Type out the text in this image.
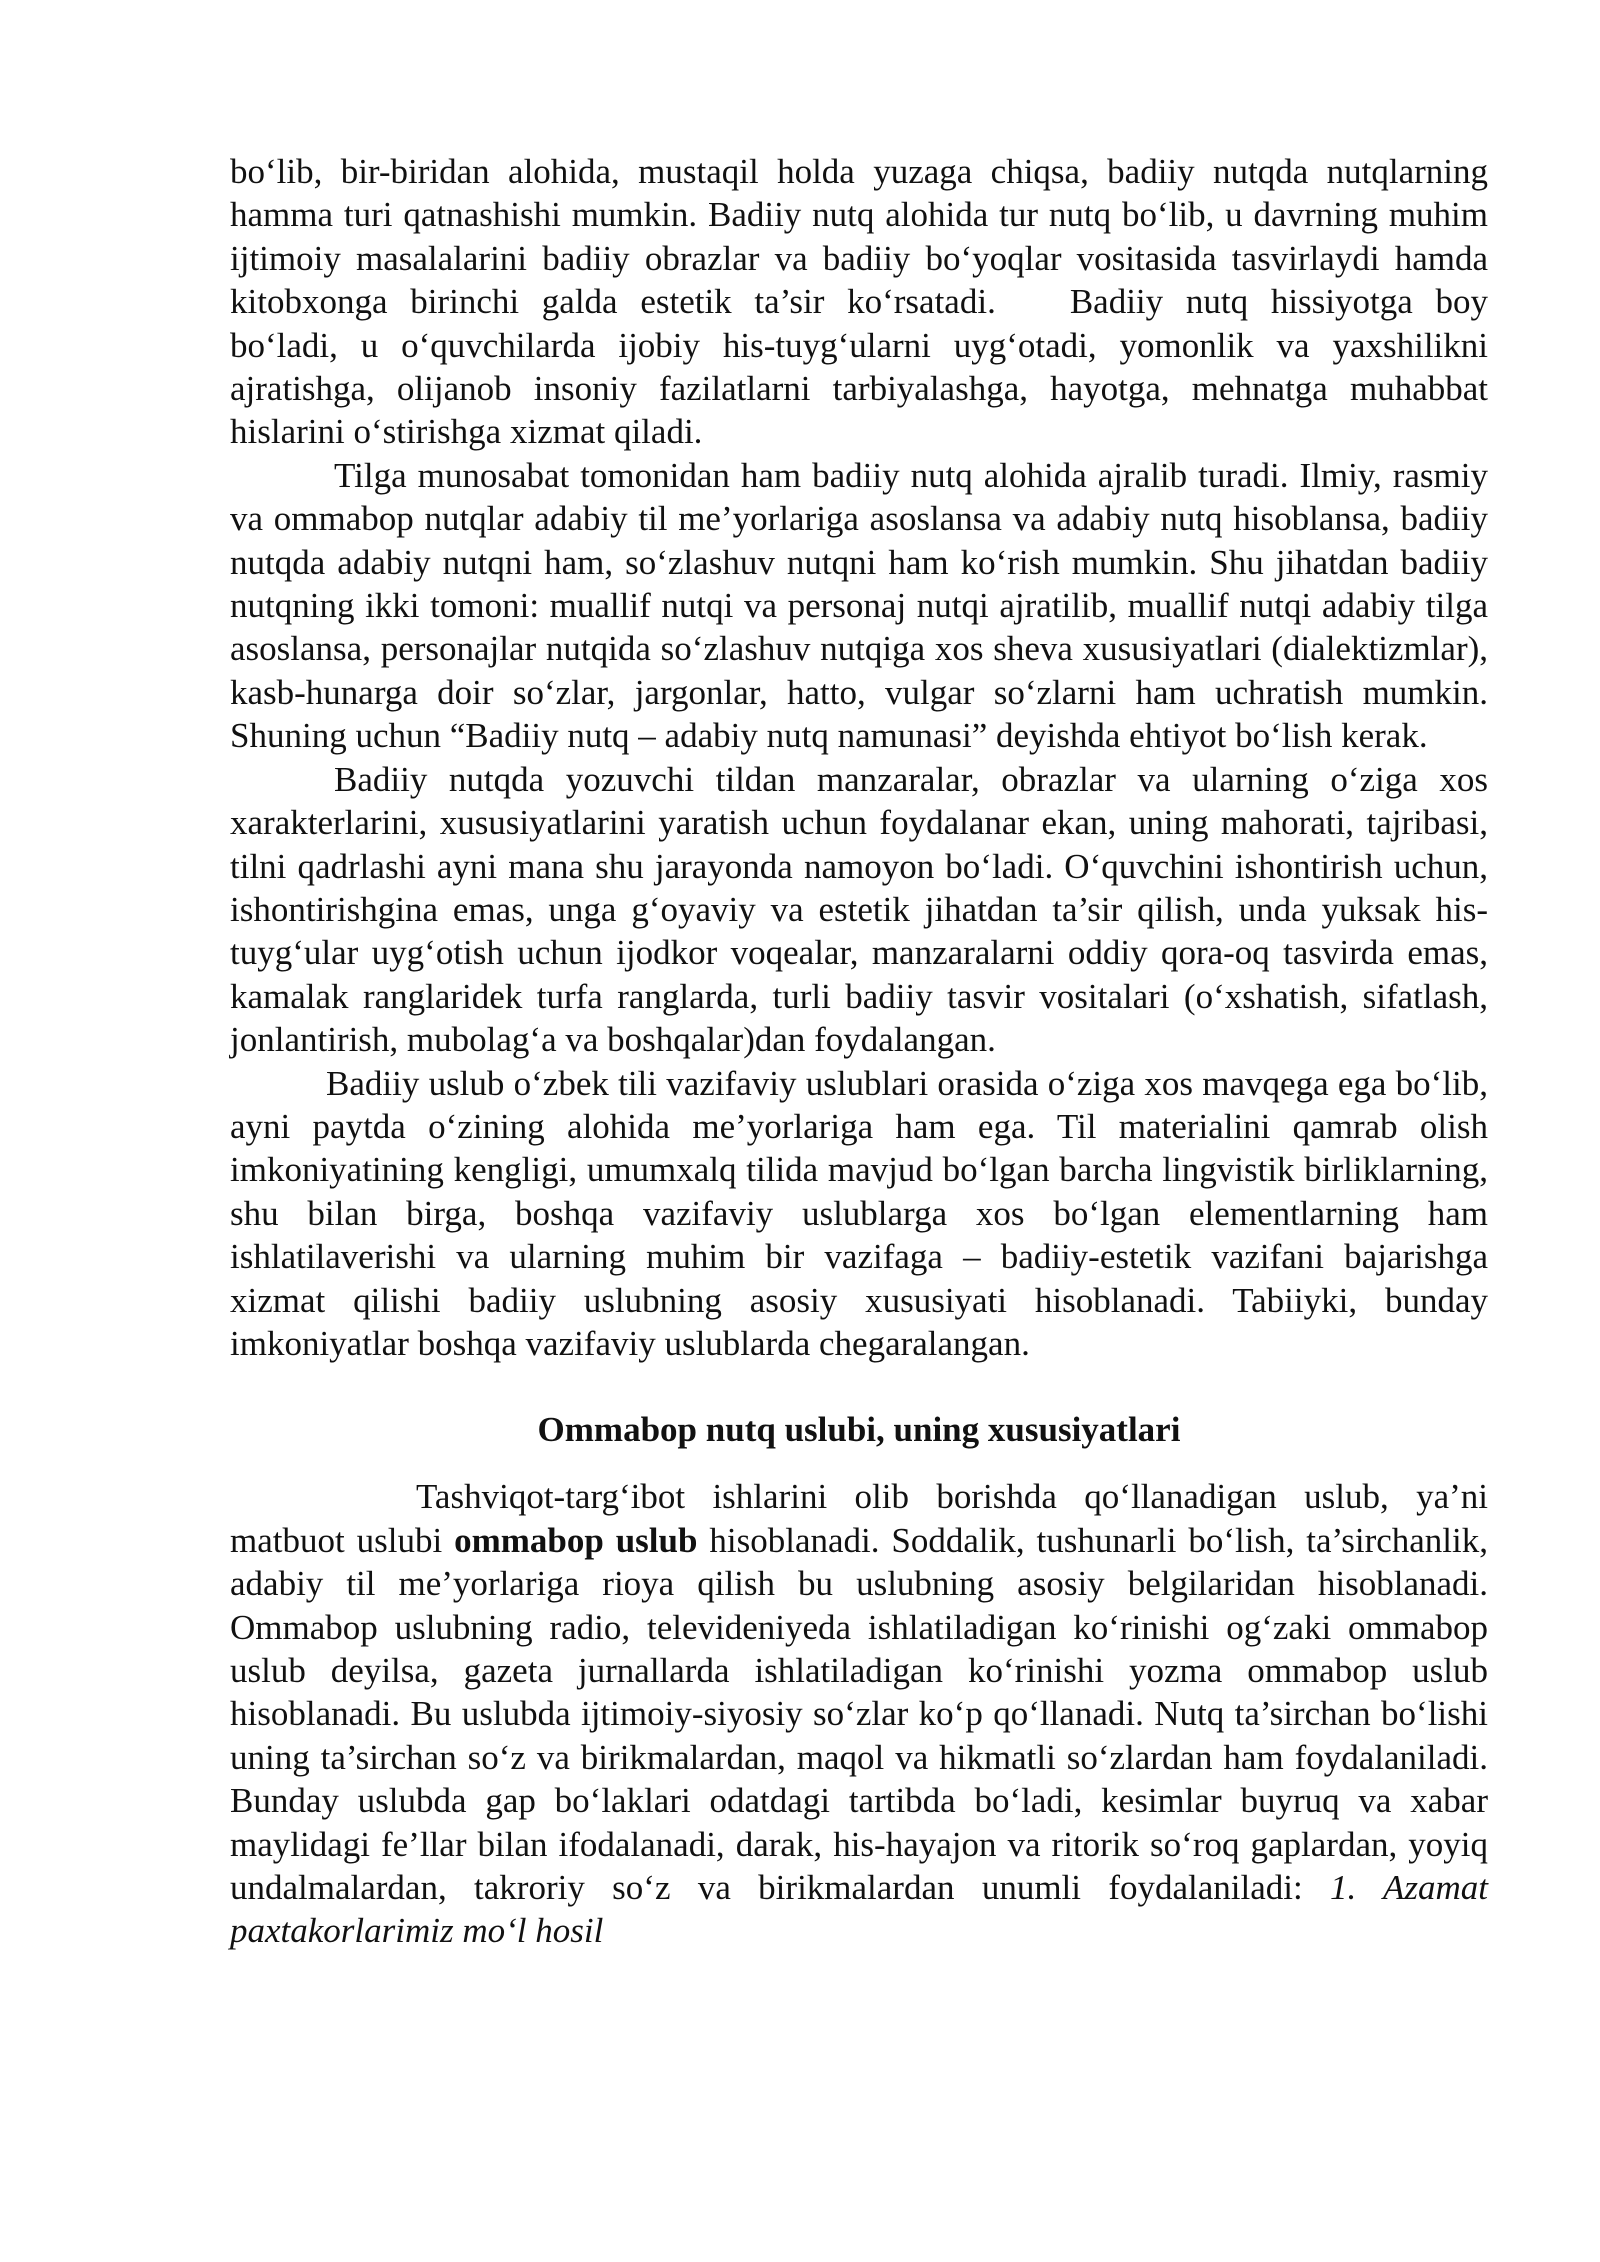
bo‘lib, bir-biridan alohida, mustaqil holda yuzaga chiqsa, badiiy nutqda nutqlarning hamma turi qatnashishi mumkin. Badiiy nutq alohida tur nutq bo‘lib, u davrning muhim ijtimoiy masalalarini badiiy obrazlar va badiiy bo‘yoqlar vositasida tasvirlaydi hamda kitobxonga birinchi galda estetik ta’sir ko‘rsatadi. Badiiy nutq hissiyotga boy bo‘ladi, u o‘quvchilarda ijobiy his-tuyg‘ularni uyg‘otadi, yomonlik va yaxshilikni ajratishga, olijanob insoniy fazilatlarni tarbiyalashga, hayotga, mehnatga muhabbat hislarini o‘stirishga xizmat qiladi.

Tilga munosabat tomonidan ham badiiy nutq alohida ajralib turadi. Ilmiy, rasmiy va ommabop nutqlar adabiy til me’yorlariga asoslansa va adabiy nutq hisoblansa, badiiy nutqda adabiy nutqni ham, so‘zlashuv nutqni ham ko‘rish mumkin. Shu jihatdan badiiy nutqning ikki tomoni: muallif nutqi va personaj nutqi ajratilib, muallif nutqi adabiy tilga asoslansa, personajlar nutqida so‘zlashuv nutqiga xos sheva xususiyatlari (dialektizmlar), kasb-hunarga doir so‘zlar, jargonlar, hatto, vulgar so‘zlarni ham uchratish mumkin. Shuning uchun “Badiiy nutq – adabiy nutq namunasi” deyishda ehtiyot bo‘lish kerak.

Badiiy nutqda yozuvchi tildan manzaralar, obrazlar va ularning o‘ziga xos xarakterlarini, xususiyatlarini yaratish uchun foydalanar ekan, uning mahorati, tajribasi, tilni qadrlashi ayni mana shu jarayonda namoyon bo‘ladi. O‘quvchini ishontirish uchun, ishontirishgina emas, unga g‘oyaviy va estetik jihatdan ta’sir qilish, unda yuksak his-tuyg‘ular uyg‘otish uchun ijodkor voqealar, manzaralarni oddiy qora-oq tasvirda emas, kamalak ranglaridek turfa ranglarda, turli badiiy tasvir vositalari (o‘xshatish, sifatlash, jonlantirish, mubolag‘a va boshqalar)dan foydalangan.

Badiiy uslub o‘zbek tili vazifaviy uslublari orasida o‘ziga xos mavqega ega bo‘lib, ayni paytda o‘zining alohida me’yorlariga ham ega. Til materialini qamrab olish imkoniyatining kengligi, umumxalq tilida mavjud bo‘lgan barcha lingvistik birliklarning, shu bilan birga, boshqa vazifaviy uslublarga xos bo‘lgan elementlarning ham ishlatilaverishi va ularning muhim bir vazifaga – badiiy-estetik vazifani bajarishga xizmat qilishi badiiy uslubning asosiy xususiyati hisoblanadi. Tabiiyki, bunday imkoniyatlar boshqa vazifaviy uslublarda chegaralangan.

Ommabop nutq uslubi, uning xususiyatlari

Tashviqot-targ‘ibot ishlarini olib borishda qo‘llanadigan uslub, ya’ni matbuot uslubi ommabop uslub hisoblanadi. Soddalik, tushunarli bo‘lish, ta’sirchanlik, adabiy til me’yorlariga rioya qilish bu uslubning asosiy belgilaridan hisoblanadi. Ommabop uslubning radio, televideniyeda ishlatiladigan ko‘rinishi og‘zaki ommabop uslub deyilsa, gazeta jurnallarda ishlatiladigan ko‘rinishi yozma ommabop uslub hisoblanadi. Bu uslubda ijtimoiy-siyosiy so‘zlar ko‘p qo‘llanadi. Nutq ta’sirchan bo‘lishi uning ta’sirchan so‘z va birikmalardan, maqol va hikmatli so‘zlardan ham foydalaniladi. Bunday uslubda gap bo‘laklari odatdagi tartibda bo‘ladi, kesimlar buyruq va xabar maylidagi fe’llar bilan ifodalanadi, darak, his-hayajon va ritorik so‘roq gaplardan, yoyiq undalmalardan, takroriy so‘z va birikmalardan unumli foydalaniladi: 1. Azamat paxtakorlarimiz mo‘l hosil
